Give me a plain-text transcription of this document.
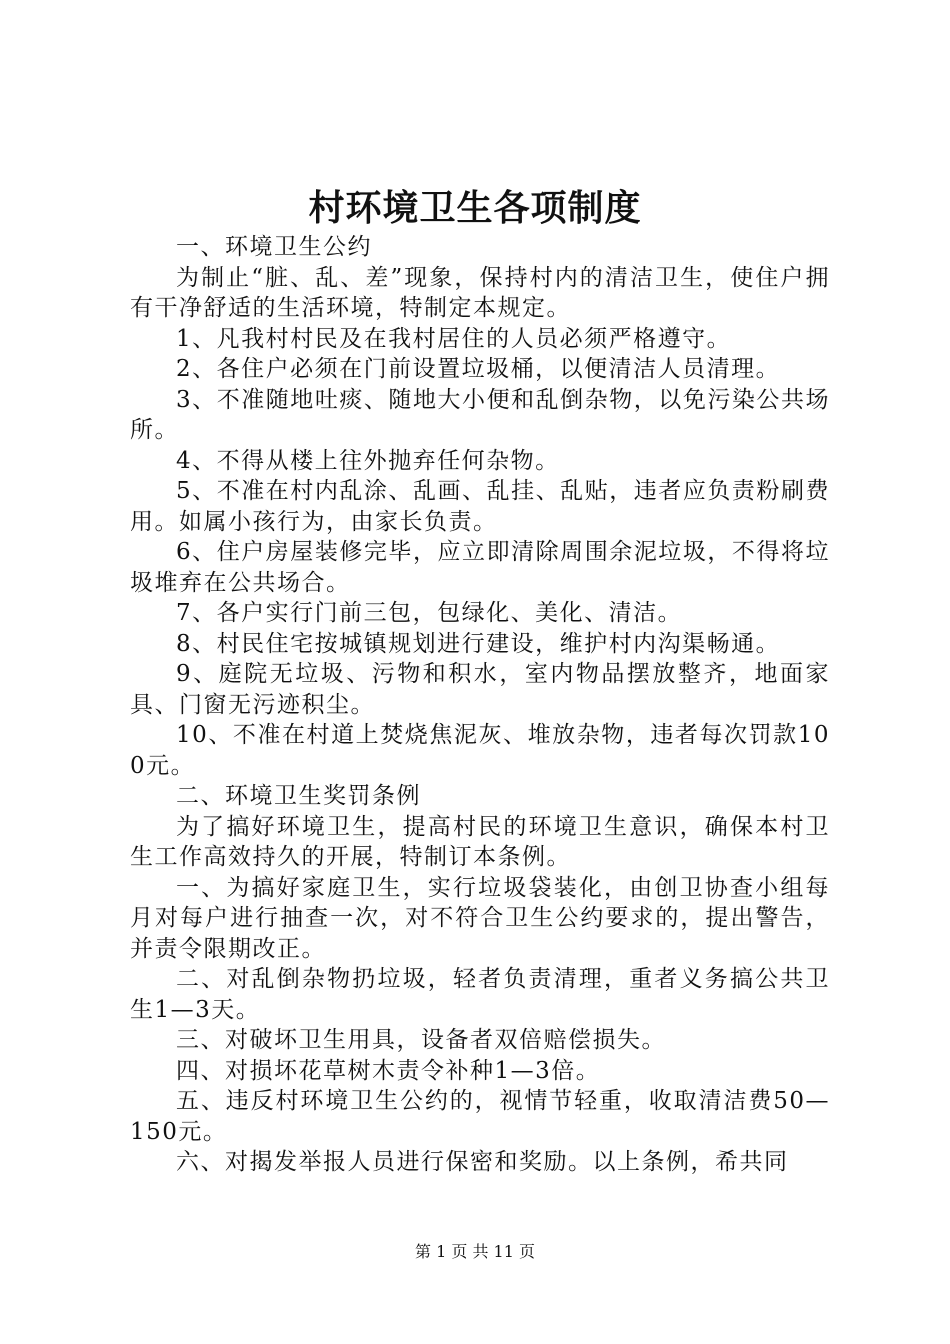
村环境卫生各项制度

一、环境卫生公约

为制止“脏、乱、差”现象，保持村内的清洁卫生，使住户拥有干净舒适的生活环境，特制定本规定。

1、凡我村村民及在我村居住的人员必须严格遵守。

2、各住户必须在门前设置垃圾桶，以便清洁人员清理。

3、不准随地吐痰、随地大小便和乱倒杂物，以免污染公共场所。

4、不得从楼上往外抛弃任何杂物。

5、不准在村内乱涂、乱画、乱挂、乱贴，违者应负责粉刷费用。如属小孩行为，由家长负责。

6、住户房屋装修完毕，应立即清除周围余泥垃圾，不得将垃圾堆弃在公共场合。

7、各户实行门前三包，包绿化、美化、清洁。

8、村民住宅按城镇规划进行建设，维护村内沟渠畅通。

9、庭院无垃圾、污物和积水，室内物品摆放整齐，地面家具、门窗无污迹积尘。

10、不准在村道上焚烧焦泥灰、堆放杂物，违者每次罚款100元。

二、环境卫生奖罚条例

为了搞好环境卫生，提高村民的环境卫生意识，确保本村卫生工作高效持久的开展，特制订本条例。

一、为搞好家庭卫生，实行垃圾袋装化，由创卫协查小组每月对每户进行抽查一次，对不符合卫生公约要求的，提出警告，并责令限期改正。

二、对乱倒杂物扔垃圾，轻者负责清理，重者义务搞公共卫生1—3天。

三、对破坏卫生用具，设备者双倍赔偿损失。

四、对损坏花草树木责令补种1—3倍。

五、违反村环境卫生公约的，视情节轻重，收取清洁费50—150元。

六、对揭发举报人员进行保密和奖励。以上条例，希共同

第 1 页 共 11 页
